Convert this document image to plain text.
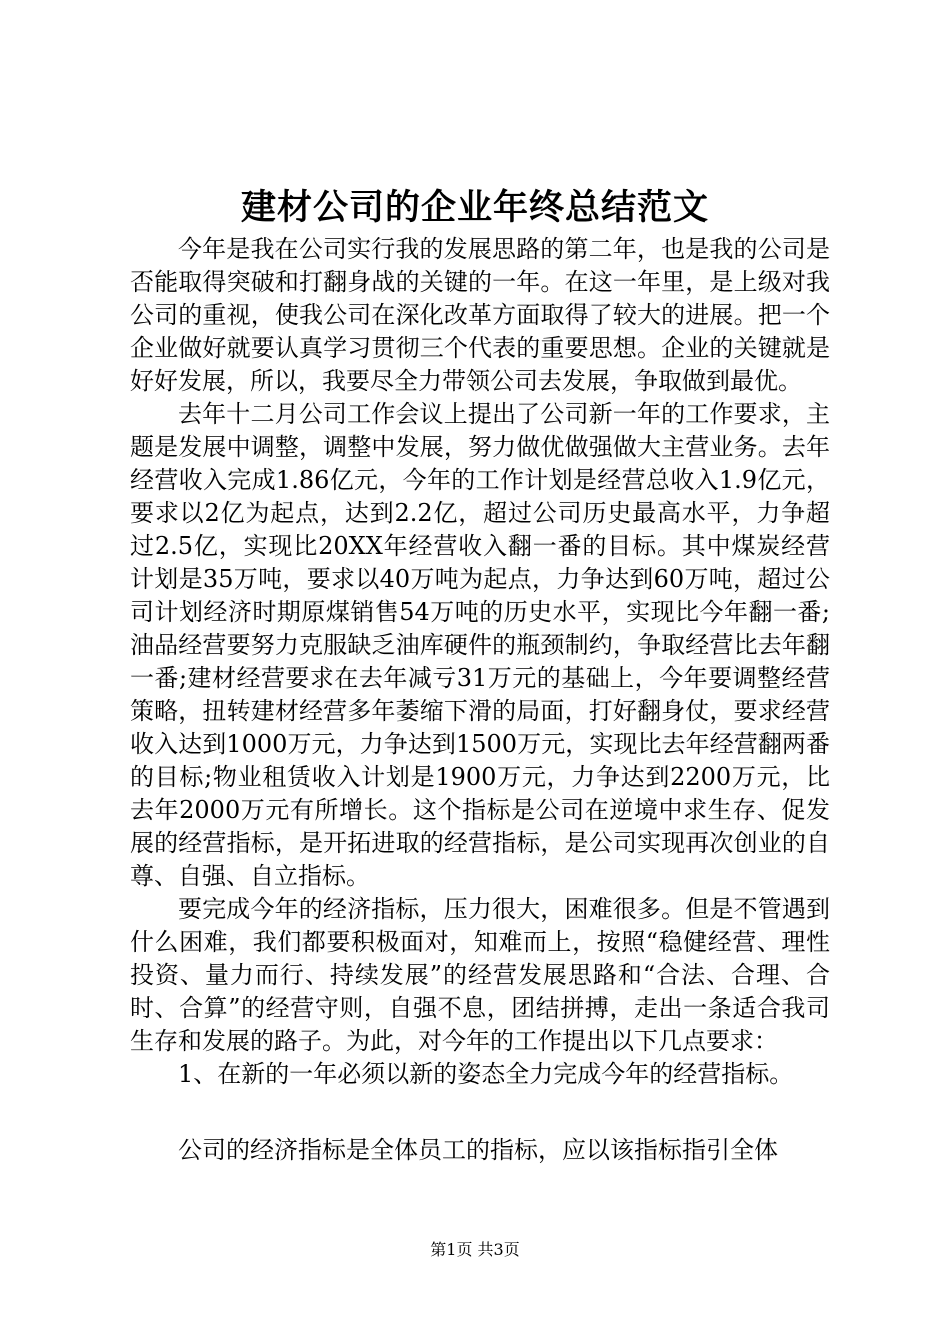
建材公司的企业年终总结范文

今年是我在公司实行我的发展思路的第二年，也是我的公司是否能取得突破和打翻身战的关键的一年。在这一年里，是上级对我公司的重视，使我公司在深化改革方面取得了较大的进展。把一个企业做好就要认真学习贯彻三个代表的重要思想。企业的关键就是好好发展，所以，我要尽全力带领公司去发展，争取做到最优。

去年十二月公司工作会议上提出了公司新一年的工作要求，主题是发展中调整，调整中发展，努力做优做强做大主营业务。去年经营收入完成1.86亿元，今年的工作计划是经营总收入1.9亿元，要求以2亿为起点，达到2.2亿，超过公司历史最高水平，力争超过2.5亿，实现比20XX年经营收入翻一番的目标。其中煤炭经营计划是35万吨，要求以40万吨为起点，力争达到60万吨，超过公司计划经济时期原煤销售54万吨的历史水平，实现比今年翻一番;油品经营要努力克服缺乏油库硬件的瓶颈制约，争取经营比去年翻一番;建材经营要求在去年减亏31万元的基础上，今年要调整经营策略，扭转建材经营多年萎缩下滑的局面，打好翻身仗，要求经营收入达到1000万元，力争达到1500万元，实现比去年经营翻两番的目标;物业租赁收入计划是1900万元，力争达到2200万元，比去年2000万元有所增长。这个指标是公司在逆境中求生存、促发展的经营指标，是开拓进取的经营指标，是公司实现再次创业的自尊、自强、自立指标。

要完成今年的经济指标，压力很大，困难很多。但是不管遇到什么困难，我们都要积极面对，知难而上，按照“稳健经营、理性投资、量力而行、持续发展”的经营发展思路和“合法、合理、合时、合算”的经营守则，自强不息，团结拼搏，走出一条适合我司生存和发展的路子。为此，对今年的工作提出以下几点要求：

1、在新的一年必须以新的姿态全力完成今年的经营指标。

公司的经济指标是全体员工的指标，应以该指标指引全体

第1页 共3页
